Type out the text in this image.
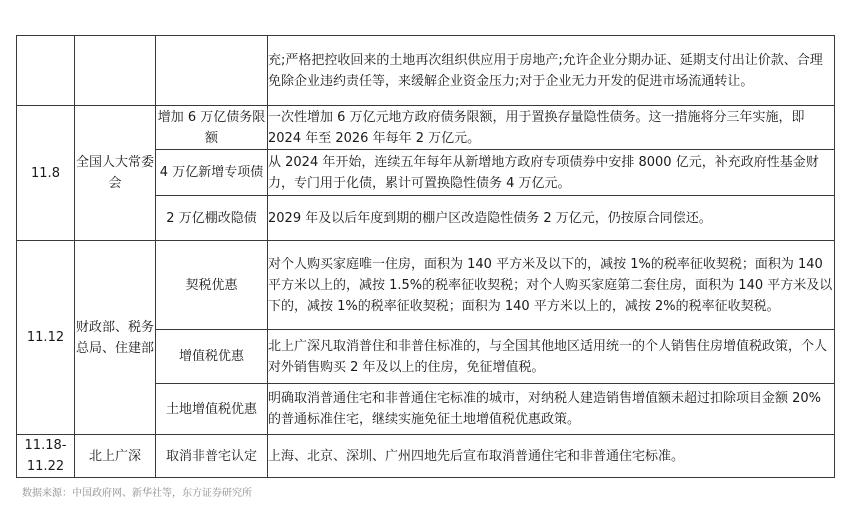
			充;严格把控收回来的土地再次组织供应用于房地产;允许企业分期办证、延期支付出让价款、合理免除企业违约责任等，来缓解企业资金压力;对于企业无力开发的促进市场流通转让。
11.8	全国人大常委会	增加 6 万亿债务限额	一次性增加 6 万亿元地方政府债务限额，用于置换存量隐性债务。这一措施将分三年实施，即 2024 年至 2026 年每年 2 万亿元。
		4 万亿新增专项债	从 2024 年开始，连续五年每年从新增地方政府专项债券中安排 8000 亿元，补充政府性基金财力，专门用于化债，累计可置换隐性债务 4 万亿元。
		2 万亿棚改隐债	2029 年及以后年度到期的棚户区改造隐性债务 2 万亿元，仍按原合同偿还。
11.12	财政部、税务总局、住建部	契税优惠	对个人购买家庭唯一住房，面积为 140 平方米及以下的，减按 1%的税率征收契税；面积为 140 平方米以上的，减按 1.5%的税率征收契税；对个人购买家庭第二套住房，面积为 140 平方米及以下的，减按 1%的税率征收契税；面积为 140 平方米以上的，减按 2%的税率征收契税。
		增值税优惠	北上广深凡取消普住和非普住标准的，与全国其他地区适用统一的个人销售住房增值税政策，个人对外销售购买 2 年及以上的住房，免征增值税。
		土地增值税优惠	明确取消普通住宅和非普通住宅标准的城市，对纳税人建造销售增值额未超过扣除项目金额 20%的普通标准住宅，继续实施免征土地增值税优惠政策。
11.18-11.22	北上广深	取消非普宅认定	上海、北京、深圳、广州四地先后宣布取消普通住宅和非普通住宅标准。
数据来源：中国政府网、新华社等，东方证券研究所
